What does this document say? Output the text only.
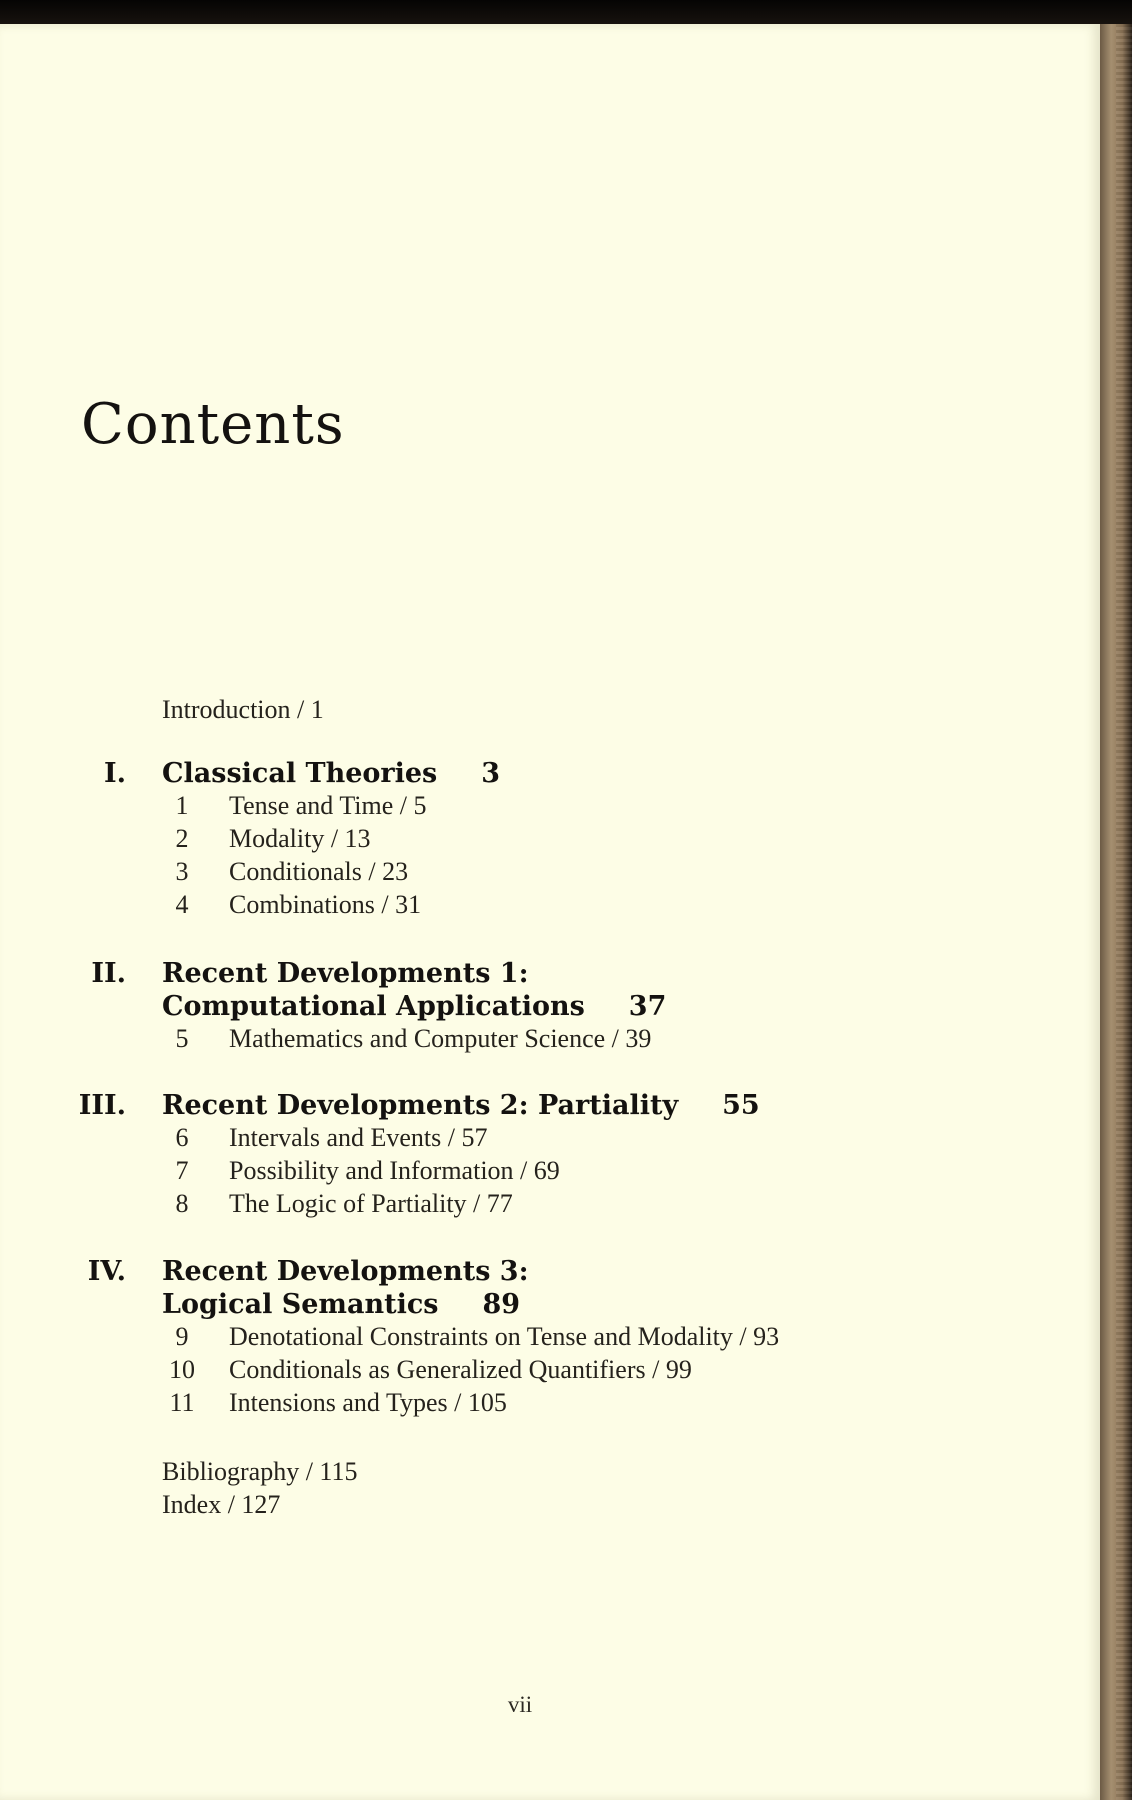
Contents
Introduction / 1
I. Classical Theories 3
1	Tense and Time / 5
2	Modality / 13
3	Conditionals / 23
4	Combinations / 31
II. Recent Developments 1:
Computational Applications 37
5	Mathematics and Computer Science / 39
III. Recent Developments 2: Partiality 55
6	Intervals and Events / 57
7	Possibility and Information / 69
8	The Logic of Partiality / 77
IV. Recent Developments 3:
Logical Semantics 89
9	Denotational Constraints on Tense and Modality / 93
10 Conditionals as Generalized Quantifiers / 99
11 Intensions and Types / 105
Bibliography / 115
Index / 127
vii
